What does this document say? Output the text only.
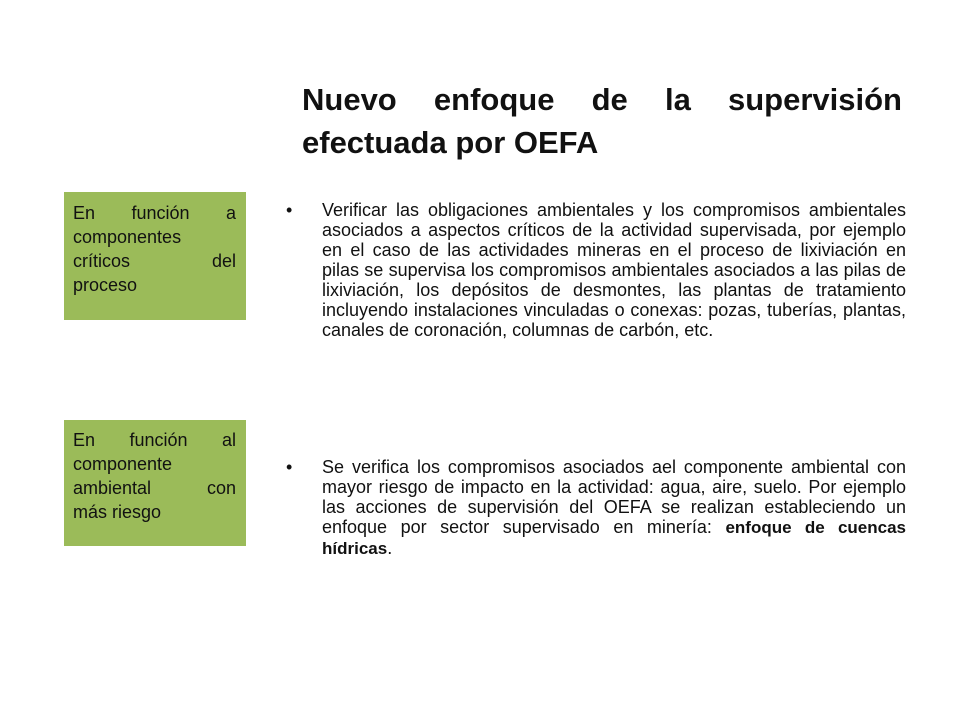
Nuevo enfoque de la supervisión efectuada por OEFA
En función a
componentes
críticos del
proceso
En función al
componente
ambiental con
más riesgo
•	Verificar las obligaciones ambientales y los compromisos ambientales asociados a aspectos críticos de la actividad supervisada, por ejemplo en el caso de las actividades mineras en el proceso de lixiviación en pilas se supervisa los compromisos ambientales asociados a las pilas de lixiviación, los depósitos de desmontes, las plantas de tratamiento incluyendo instalaciones vinculadas o conexas: pozas, tuberías, plantas, canales de coronación, columnas de carbón, etc.
•	Se verifica los compromisos asociados ael componente ambiental con mayor riesgo de impacto en la actividad: agua, aire, suelo. Por ejemplo las acciones de supervisión del OEFA se realizan estableciendo un enfoque por sector supervisado en minería: enfoque de cuencas hídricas.
